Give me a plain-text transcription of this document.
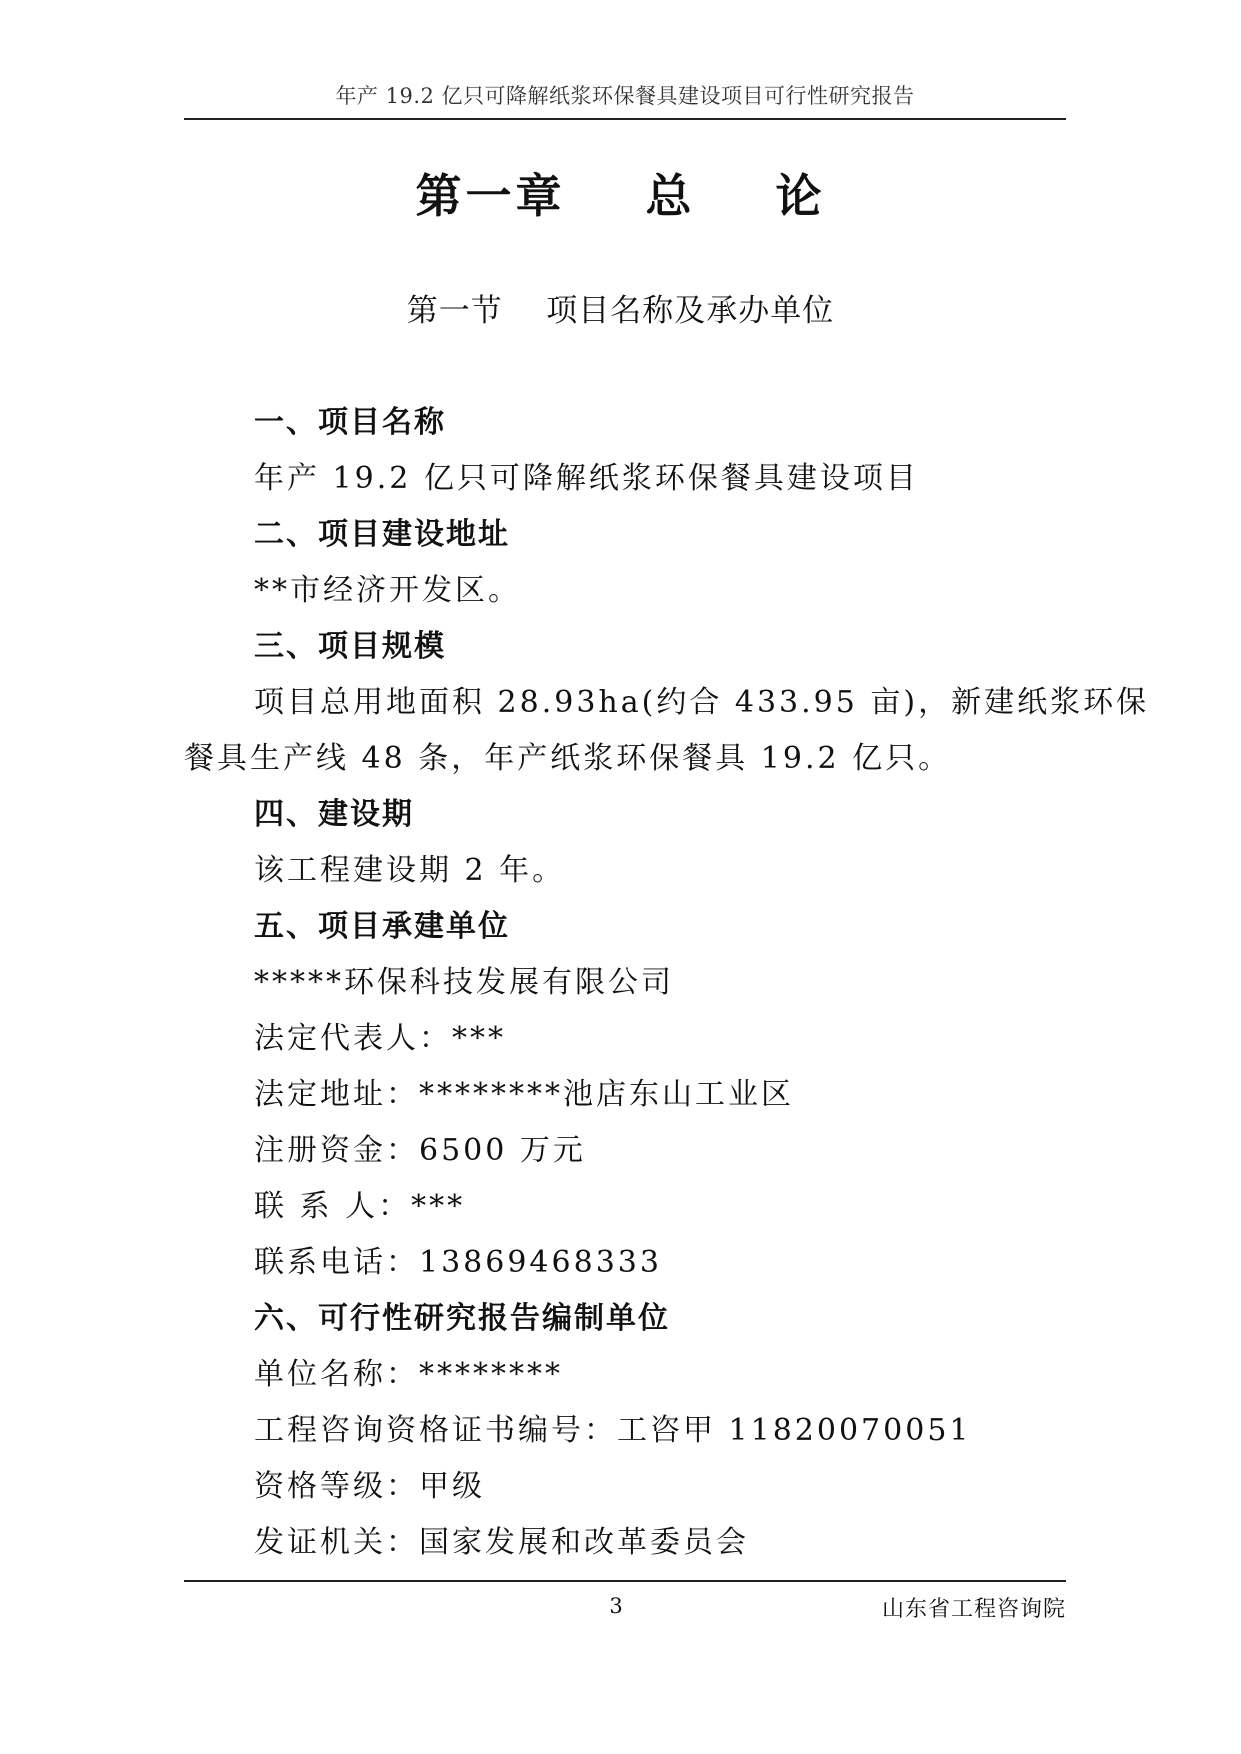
年产 19.2 亿只可降解纸浆环保餐具建设项目可行性研究报告
第一章    总    论
第一节    项目名称及承办单位
一、项目名称
年产 19.2 亿只可降解纸浆环保餐具建设项目
二、项目建设地址
**市经济开发区。
三、项目规模
项目总用地面积 28.93ha(约合 433.95 亩)，新建纸浆环保
餐具生产线 48 条，年产纸浆环保餐具 19.2 亿只。
四、建设期
该工程建设期 2 年。
五、项目承建单位
*****环保科技发展有限公司
法定代表人：***
法定地址：********池店东山工业区
注册资金：6500 万元
联 系 人：***
联系电话：13869468333
六、可行性研究报告编制单位
单位名称：********
工程咨询资格证书编号：工咨甲 11820070051
资格等级：甲级
发证机关：国家发展和改革委员会
3	山东省工程咨询院
